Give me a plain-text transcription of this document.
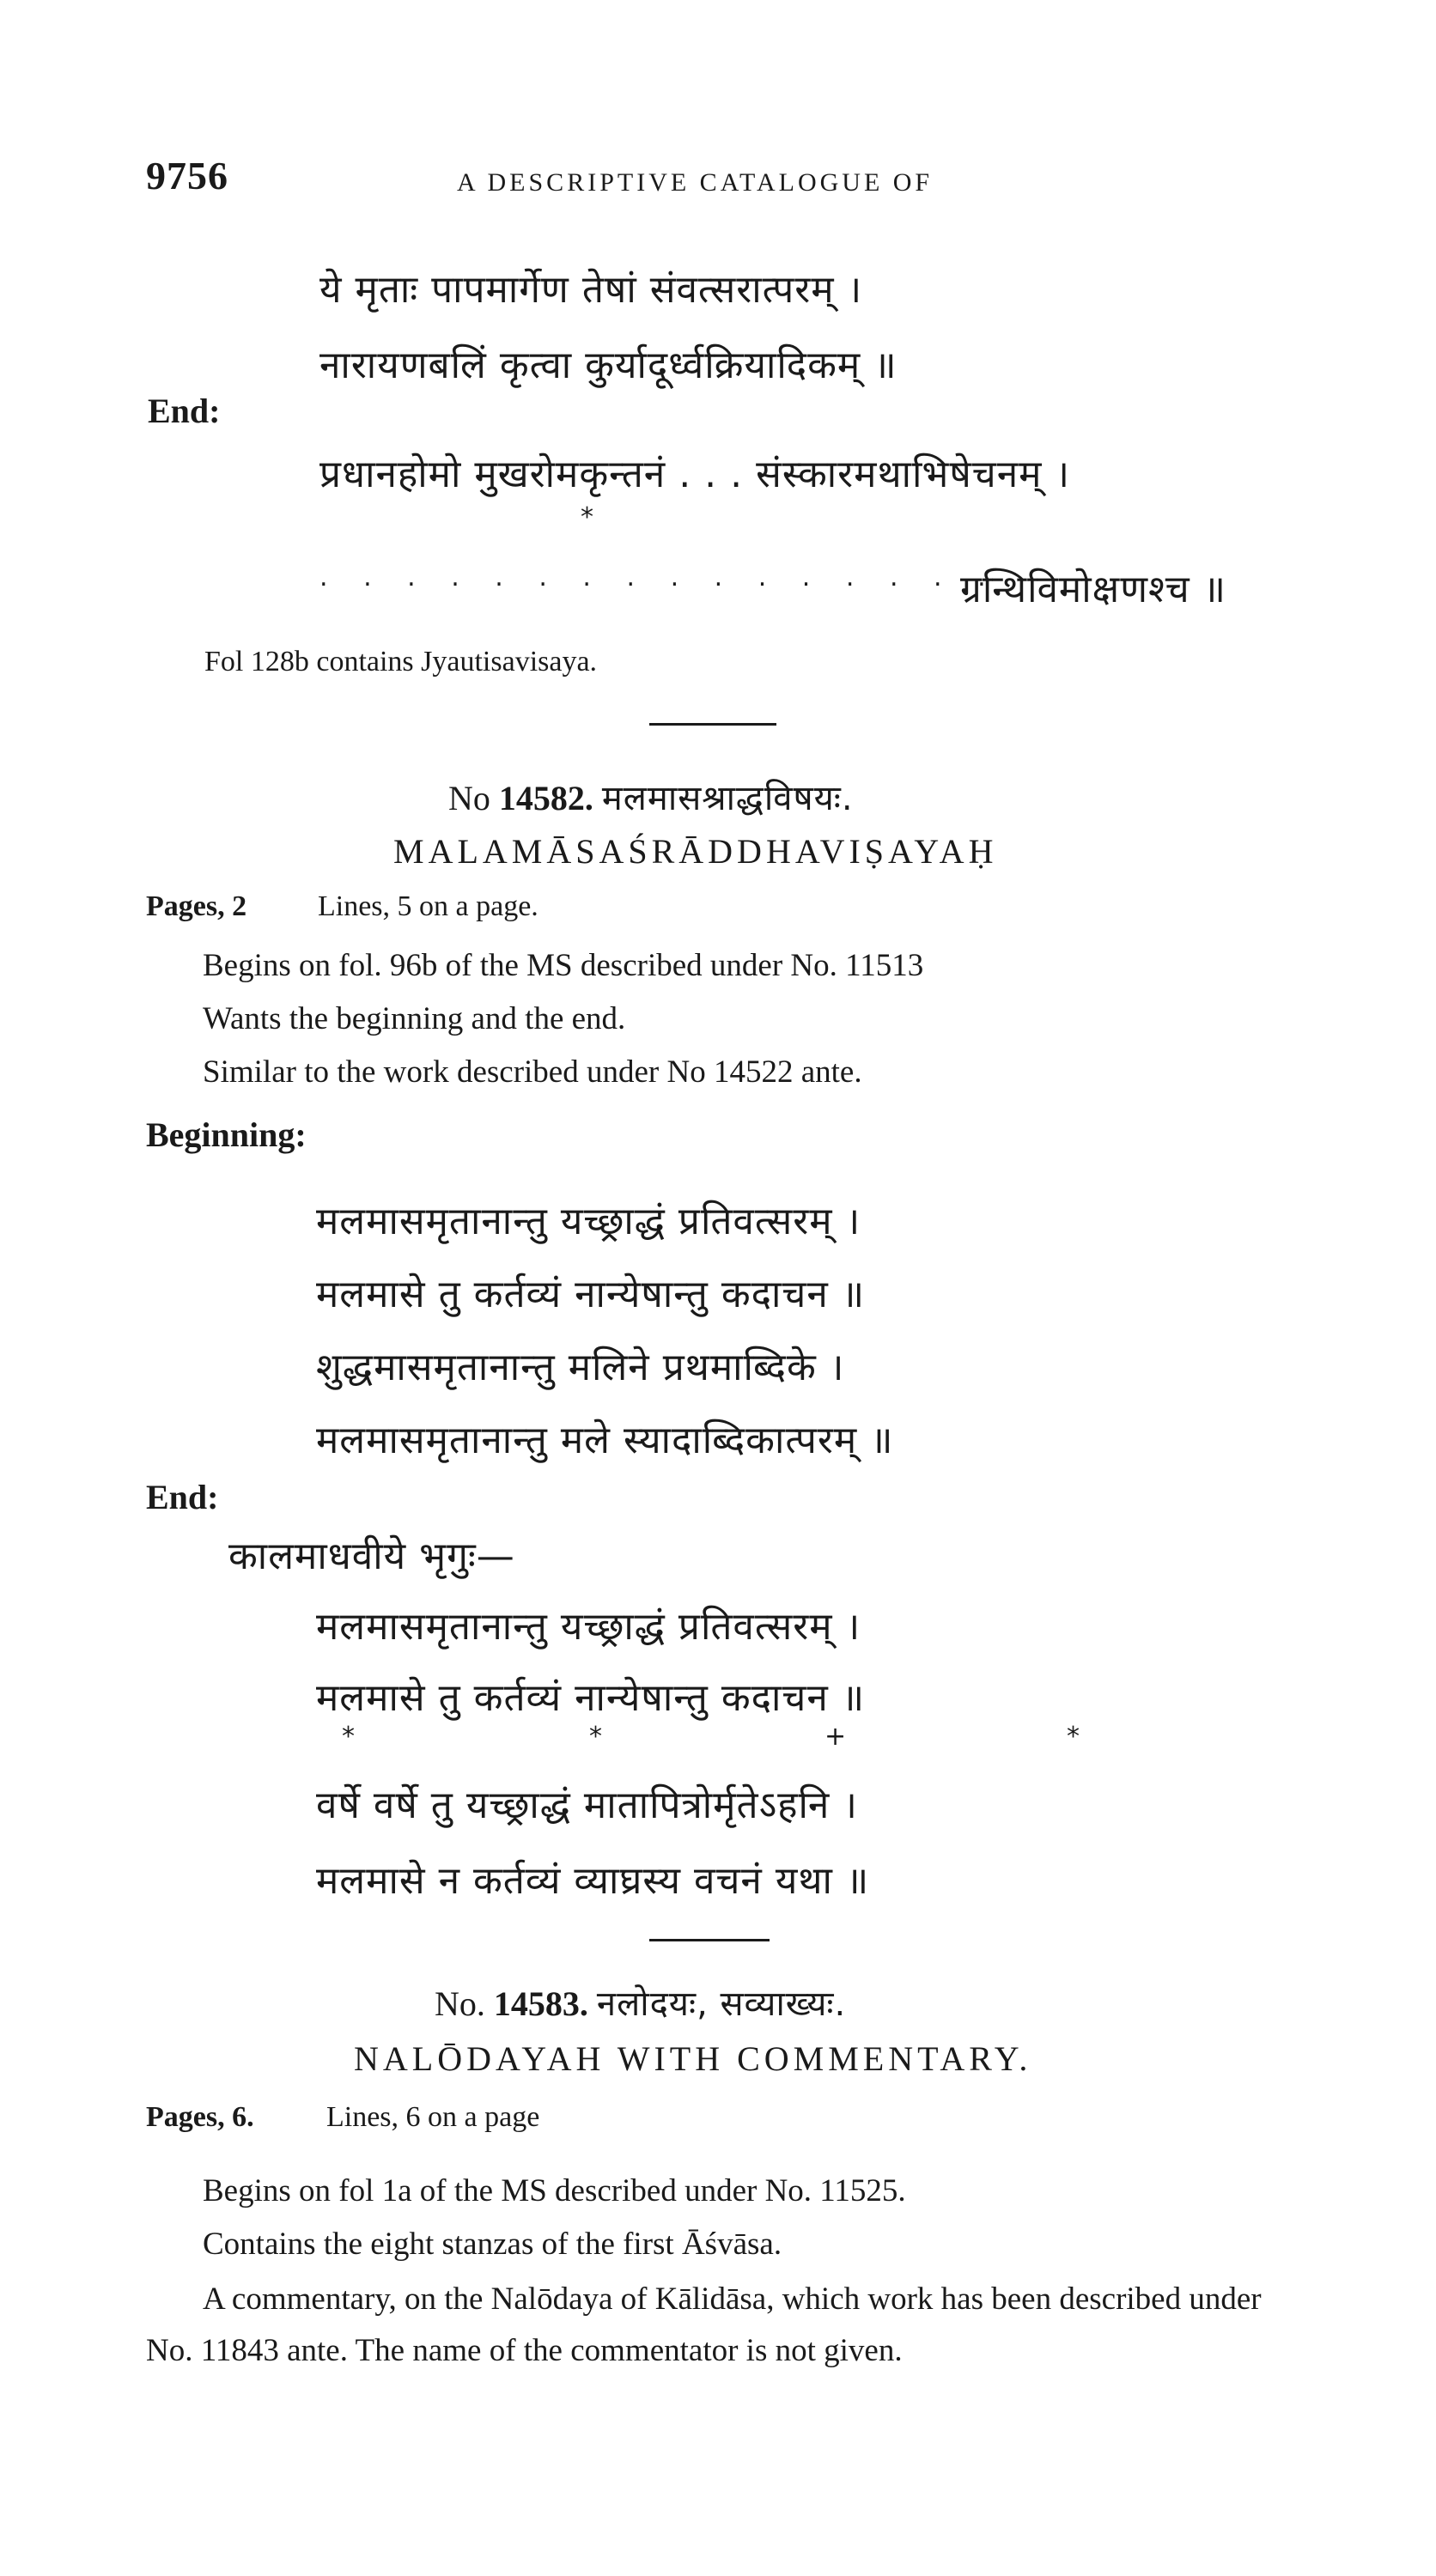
9756	A DESCRIPTIVE CATALOGUE OF
ये मृताः पापमार्गेण तेषां संवत्सरात्परम् ।
नारायणबलिं कृत्वा कुर्यादूर्ध्वक्रियादिकम् ॥
End:
प्रधानहोमो मुखरोमकृन्तनं . . . संस्कारमथाभिषेचनम् ।
*
. . . . . . . . . . . . . . . .
ग्रन्थिविमोक्षणश्च ॥
Fol 128b contains Jyautisavisaya.
No 14582. मलमासश्राद्धविषयः.
MALAMĀSAŚRĀDDHAVIṢAYAḤ
Pages, 2 Lines, 5 on a page.
Begins on fol. 96b of the MS described under No. 11513
Wants the beginning and the end.
Similar to the work described under No 14522 ante.
Beginning:
मलमासमृतानान्तु यच्छ्राद्धं प्रतिवत्सरम् ।
मलमासे तु कर्तव्यं नान्येषान्तु कदाचन ॥
शुद्धमासमृतानान्तु मलिने प्रथमाब्दिके ।
मलमासमृतानान्तु मले स्यादाब्दिकात्परम् ॥
End:
कालमाधवीये भृगुः—
मलमासमृतानान्तु यच्छ्राद्धं प्रतिवत्सरम् ।
मलमासे तु कर्तव्यं नान्येषान्तु कदाचन ॥
*	*	+	*
वर्षे वर्षे तु यच्छ्राद्धं मातापित्रोर्मृतेऽहनि ।
मलमासे न कर्तव्यं व्याघ्रस्य वचनं यथा ॥
No. 14583. नलोदयः, सव्याख्यः.
NALŌDAYAH WITH COMMENTARY.
Pages, 6. Lines, 6 on a page
Begins on fol 1a of the MS described under No. 11525.
Contains the eight stanzas of the first Āśvāsa.
A commentary, on the Nalōdaya of Kālidāsa, which work has been described under No. 11843 ante. The name of the commentator is not given.
